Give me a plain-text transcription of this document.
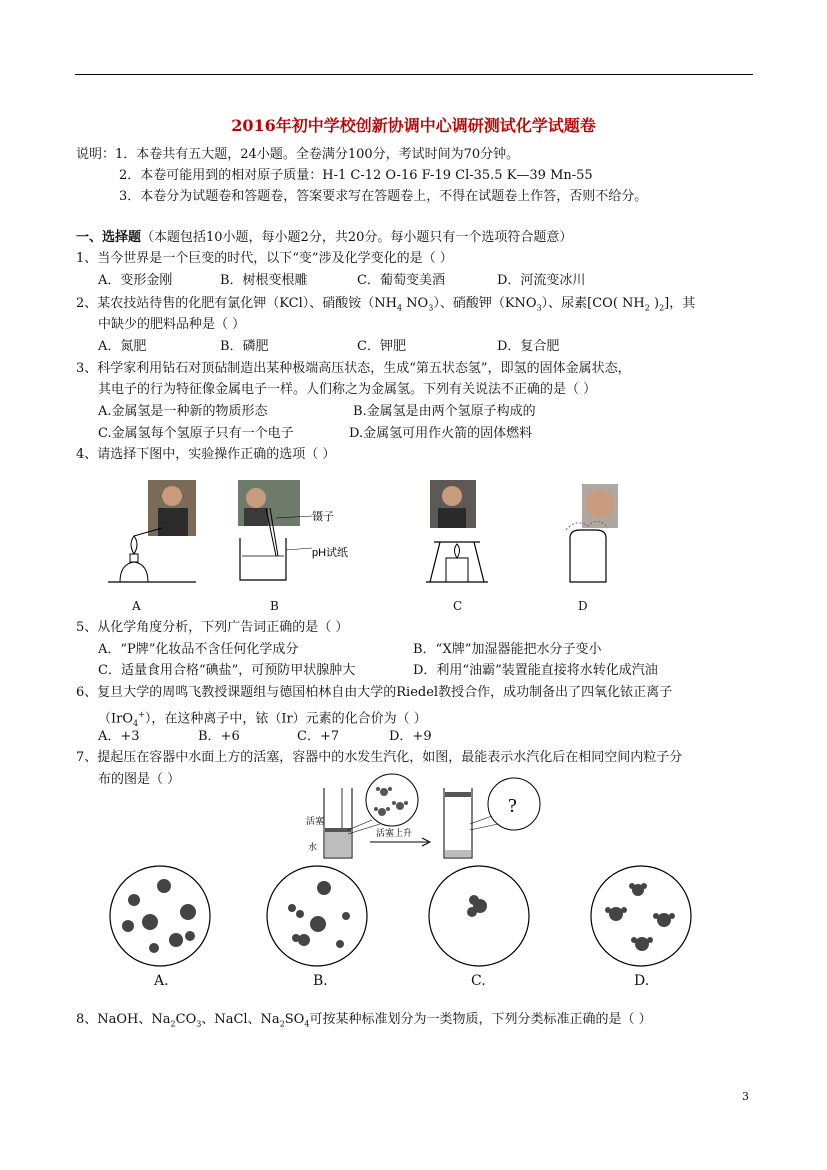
2016年初中学校创新协调中心调研测试化学试题卷
说明：1．本卷共有五大题，24小题。全卷满分100分，考试时间为70分钟。
2．本卷可能用到的相对原子质量：H-1 C-12 O-16 F-19 Cl-35.5 K—39 Mn-55
3．本卷分为试题卷和答题卷，答案要求写在答题卷上，不得在试题卷上作答，否则不给分。
一、选择题（本题包括10小题，每小题2分，共20分。每小题只有一个选项符合题意）
1、当今世界是一个巨变的时代，以下“变”涉及化学变化的是（ ）
A．变形金刚	B．树根变根雕	C．葡萄变美酒	D．河流变冰川
2、某农技站待售的化肥有氯化钾（KCl）、硝酸铵（$NH_4$ $NO_3$）、硝酸钾$(KNO_3)$、尿素[CO( $NH_2$ )$_2$]，其
中缺少的肥料品种是（ ）
A．氮肥	B．磷肥	C．钾肥	D．复合肥
3、科学家利用钻石对顶砧制造出某种极端高压状态，生成“第五状态氢”，即氢的固体金属状态，
其电子的行为特征像金属电子一样。人们称之为金属氢。下列有关说法不正确的是（ ）
A.金属氢是一种新的物质形态	B.金属氢是由两个氢原子构成的
C.金属氢每个氢原子只有一个电子	D.金属氢可用作火箭的固体燃料
4、请选择下图中，实验操作正确的选项（ ）
镊子
pH试纸
A	B	C	D
5、从化学角度分析，下列广告词正确的是（ ）
A．“P牌”化妆品不含任何化学成分	B．“X牌”加湿器能把水分子变小
C．适量食用合格“碘盐”，可预防甲状腺肿大	D．利用“油霸”装置能直接将水转化成汽油
6、复旦大学的周鸣飞教授课题组与德国柏林自由大学的Riedel教授合作，成功制备出了四氧化铱正离子
（IrO$_4$+），在这种离子中，铱（Ir）元素的化合价为（ ）
A．+3	B．+6	C．+7	D．+9
7、提起压在容器中水面上方的活塞，容器中的水发生汽化，如图，最能表示水汽化后在相同空间内粒子分
布的图是（ ）
活塞上升
活塞
水
?
A.	B.	C.	D.
8、NaOH、$Na_2CO_3$、NaCl、$Na_2SO_4$可按某种标准划分为一类物质，下列分类标准正确的是（ ）
3
